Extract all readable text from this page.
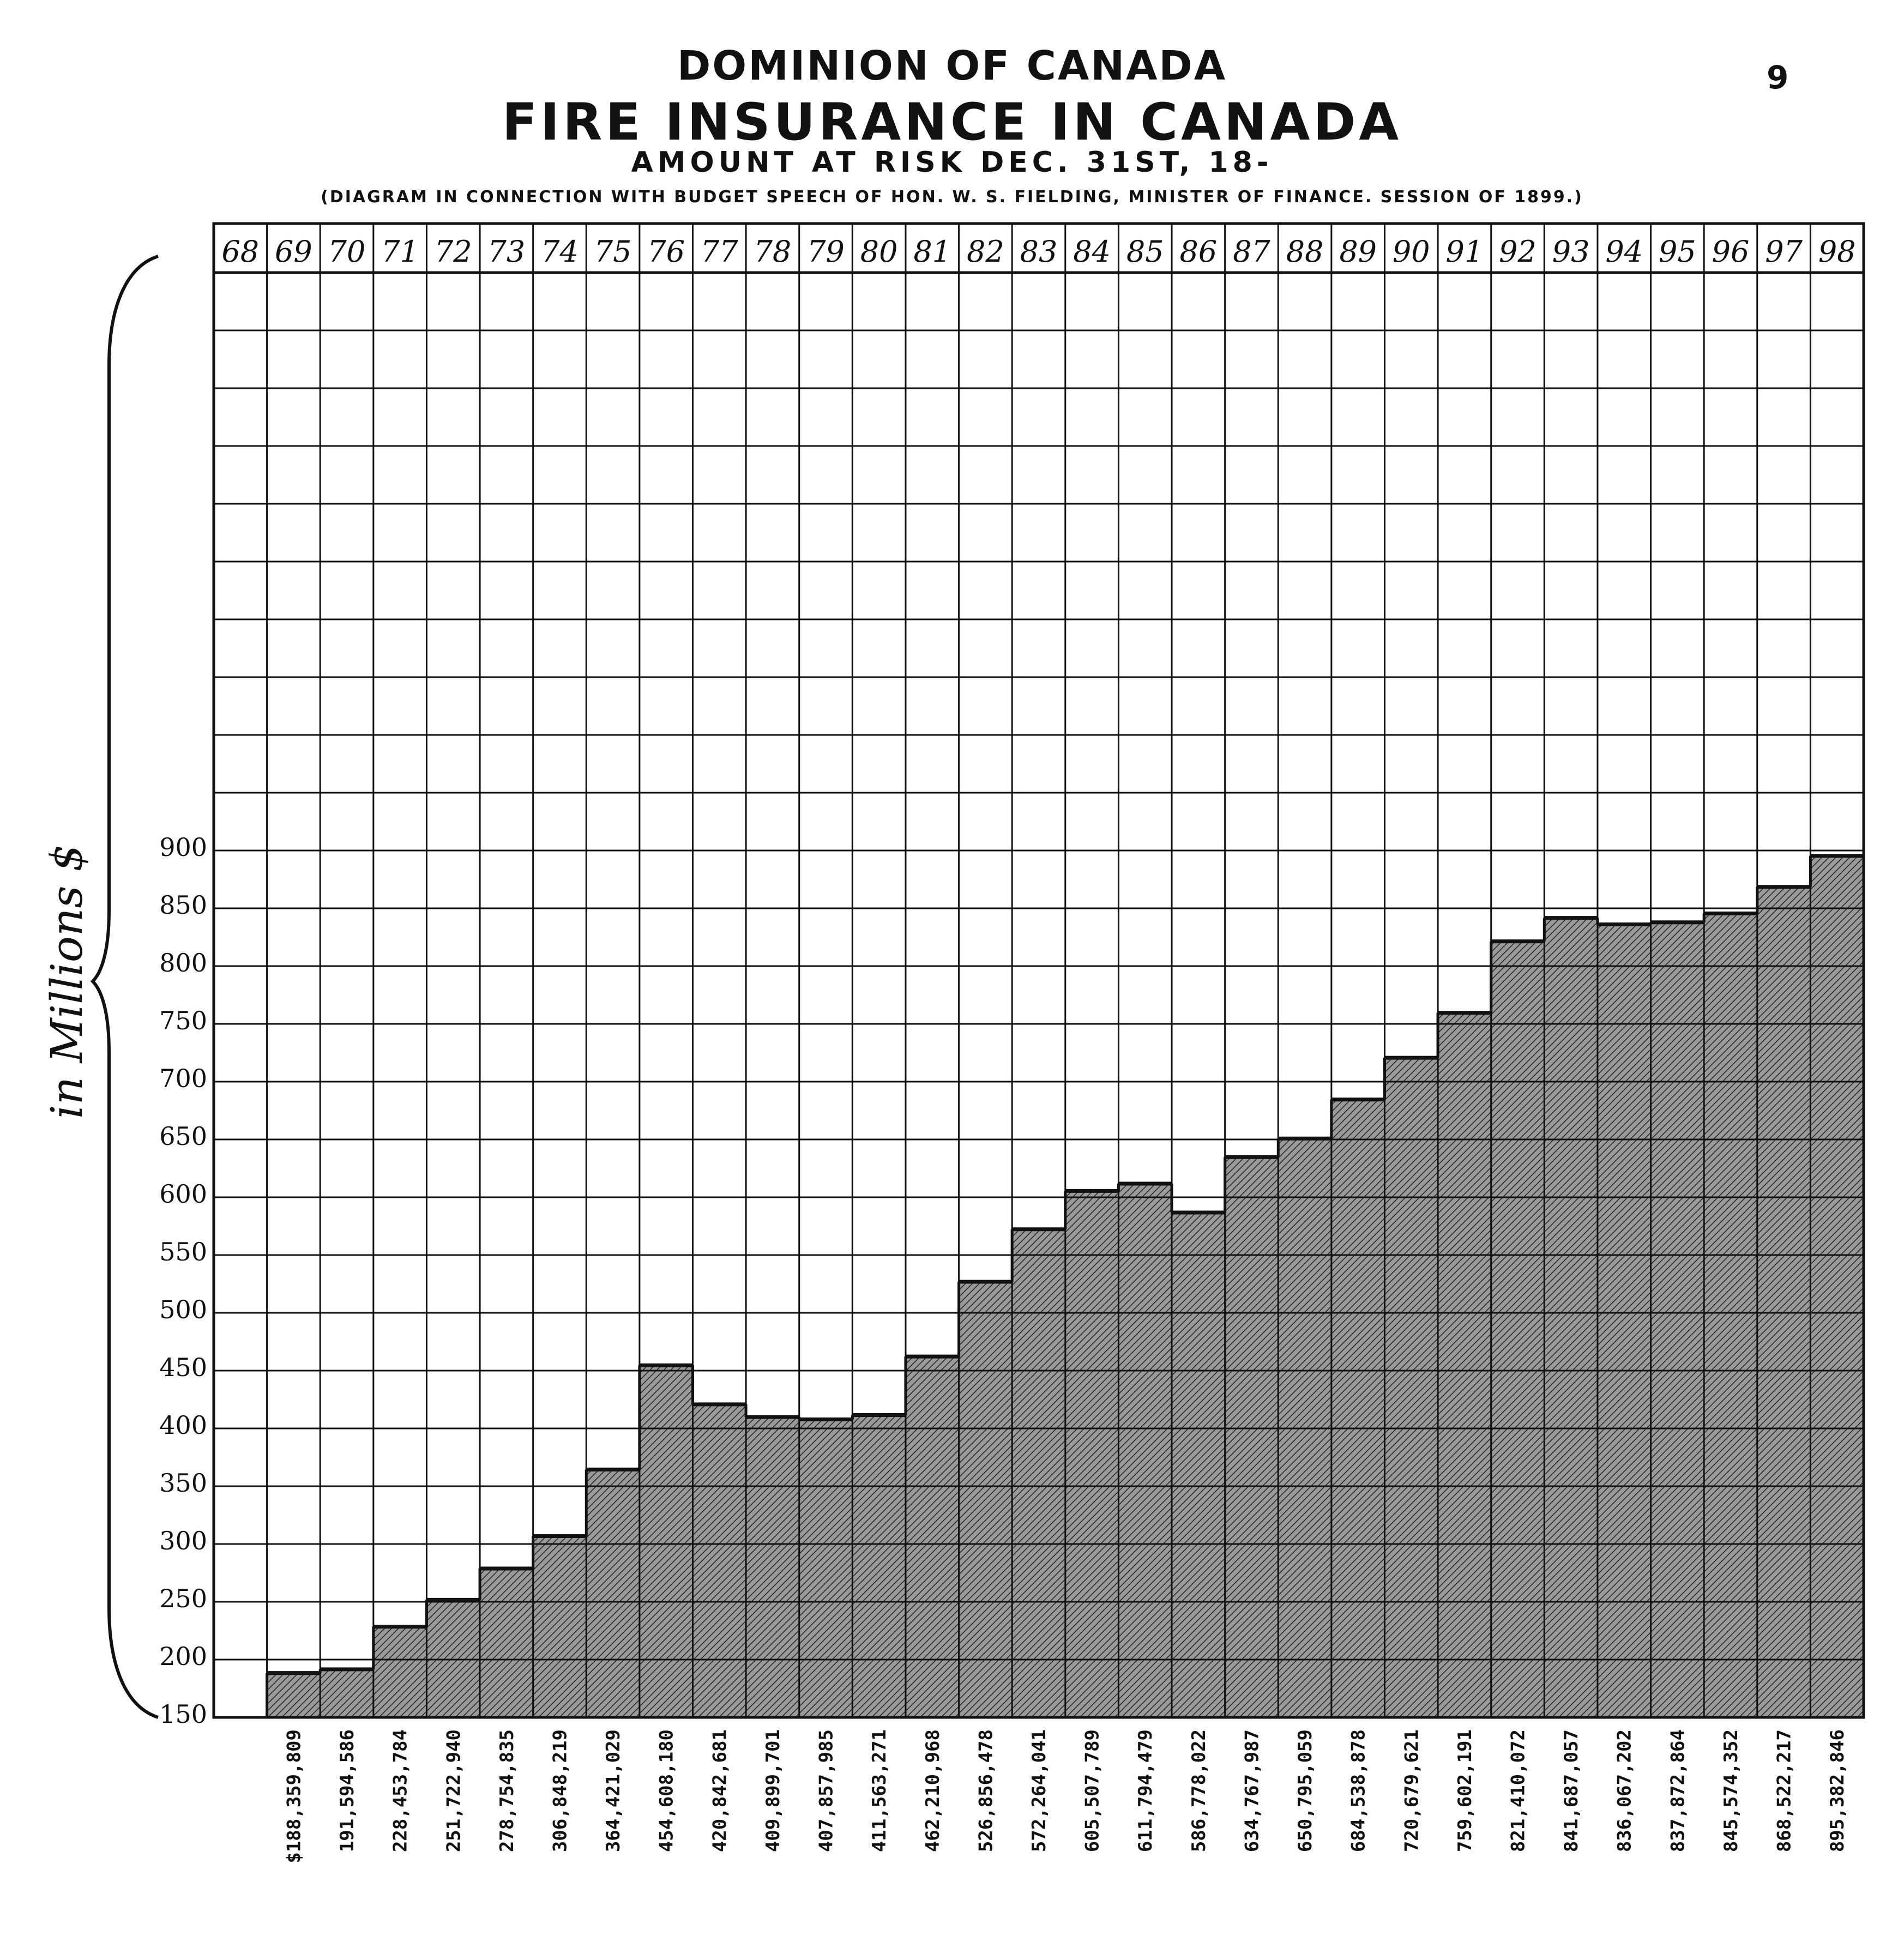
DOMINION OF CANADA
FIRE INSURANCE IN CANADA
AMOUNT AT RISK DEC. 31ST, 18-
(DIAGRAM IN CONNECTION WITH BUDGET SPEECH OF HON. W. S. FIELDING, MINISTER OF FINANCE. SESSION OF 1899.)
9
68 69 70 71 72 73 74 75 76 77 78 79 80 81 82 83 84 85 86 87 88 89 90 91 92 93 94 95 96 97 98
150
200
250
300
350
400
450
500
550
600
650
700
750
800
850
900
$188,359,809 191,594,586 228,453,784 251,722,940 278,754,835 306,848,219 364,421,029 454,608,180 420,842,681 409,899,701 407,857,985 411,563,271 462,210,968 526,856,478 572,264,041 605,507,789 611,794,479 586,778,022 634,767,987 650,795,059 684,538,878 720,679,621 759,602,191 821,410,072 841,687,057 836,067,202 837,872,864 845,574,352 868,522,217 895,382,846
in Millions $
